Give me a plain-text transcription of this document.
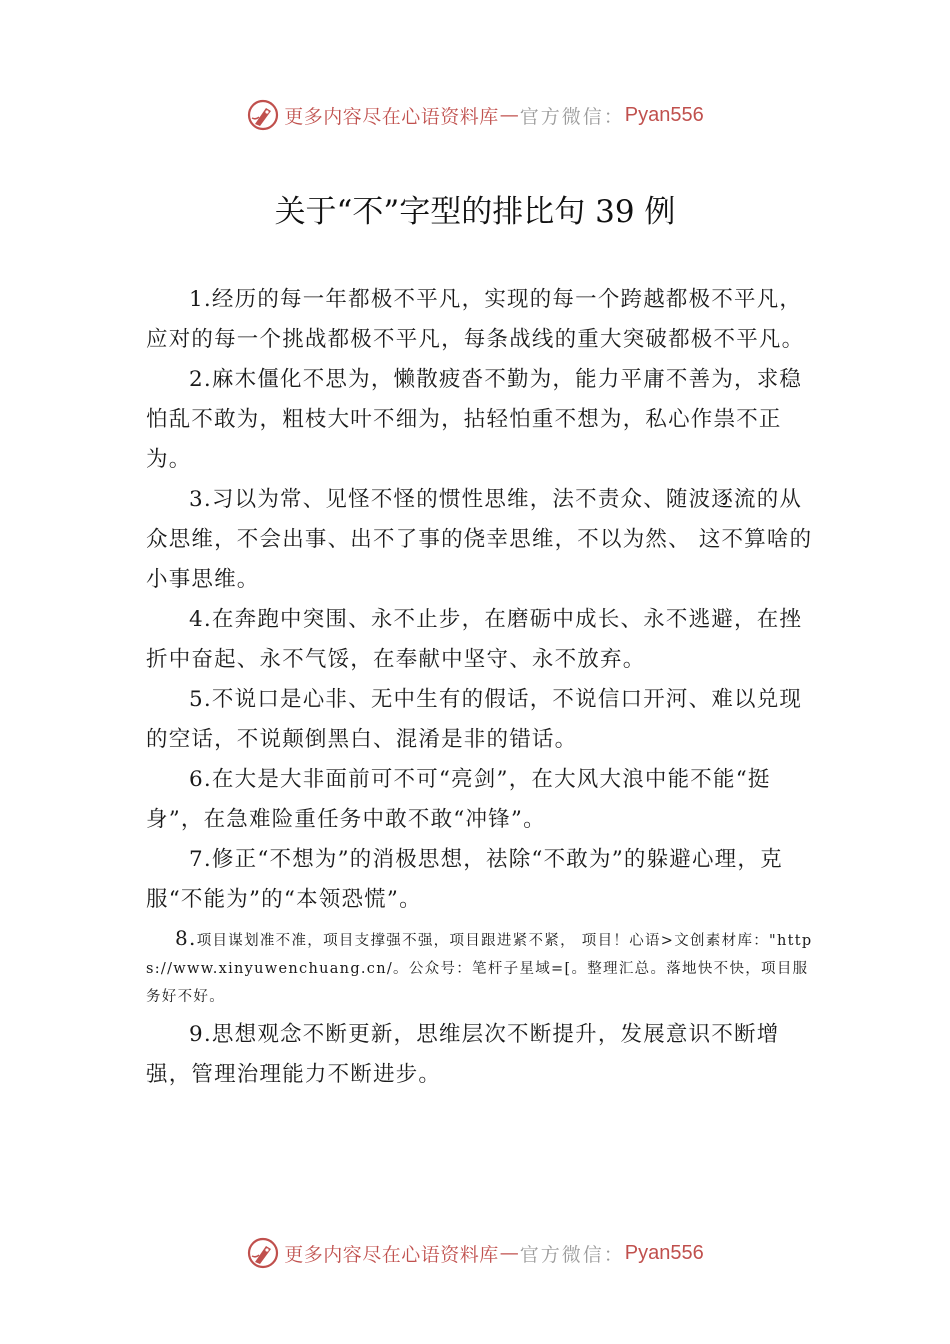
更多内容尽在心语资料库 — 官方微信： Pyan556
关于“不”字型的排比句 39 例

1.经历的每一年都极不平凡，实现的每一个跨越都极不平凡，应对的每一个挑战都极不平凡，每条战线的重大突破都极不平凡。

2.麻木僵化不思为，懒散疲沓不勤为，能力平庸不善为，求稳怕乱不敢为，粗枝大叶不细为，拈轻怕重不想为，私心作祟不正为。

3.习以为常、见怪不怪的惯性思维，法不责众、随波逐流的从众思维，不会出事、出不了事的侥幸思维，不以为然、 这不算啥的小事思维。

4.在奔跑中突围、永不止步，在磨砺中成长、永不逃避，在挫折中奋起、永不气馁，在奉献中坚守、永不放弃。

5.不说口是心非、无中生有的假话，不说信口开河、难以兑现的空话，不说颠倒黑白、混淆是非的错话。

6.在大是大非面前可不可“亮剑”，在大风大浪中能不能“挺身”，在急难险重任务中敢不敢“冲锋”。

7.修正“不想为”的消极思想，祛除“不敢为”的躲避心理，克服“不能为”的“本领恐慌”。

8.项目谋划准不准，项目支撑强不强，项目跟进紧不紧， 项目！心语>文创素材库："https://www.xinyuwenchuang.cn/。公众号：笔杆子星域=[。整理汇总。落地快不快，项目服务好不好。

9.思想观念不断更新，思维层次不断提升，发展意识不断增强，管理治理能力不断进步。

更多内容尽在心语资料库 — 官方微信： Pyan556
